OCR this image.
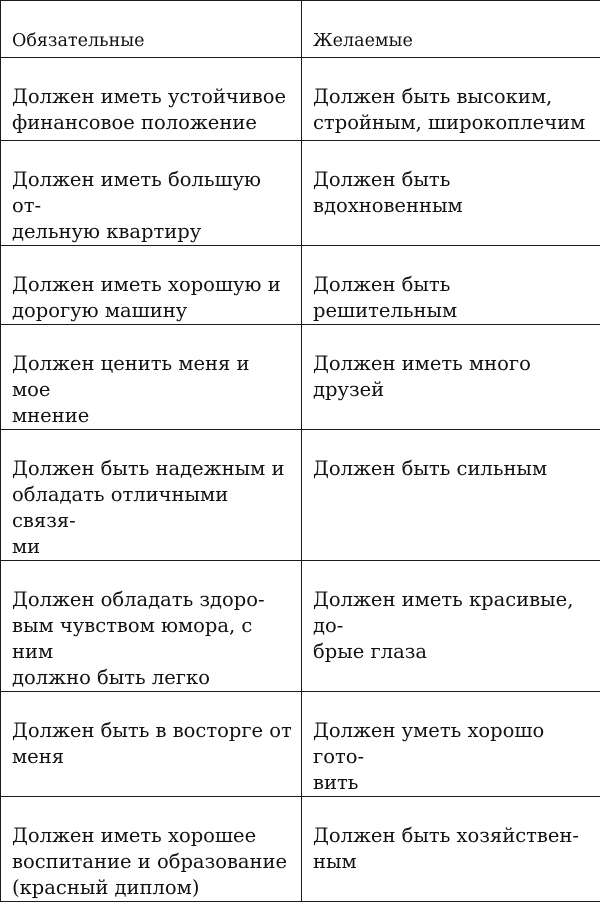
Обязательные	Желаемые

Должен иметь устойчивое
финансовое положение	Должен быть высоким,
стройным, широкоплечим

Должен иметь большую от-
дельную квартиру	Должен быть вдохновенным

Должен иметь хорошую и
дорогую машину	Должен быть решительным

Должен ценить меня и мое
мнение	Должен иметь много друзей

Должен быть надежным и
обладать отличными связя-
ми	Должен быть сильным

Должен обладать здоро-
вым чувством юмора, с ним
должно быть легко	Должен иметь красивые, до-
брые глаза

Должен быть в восторге от
меня	Должен уметь хорошо гото-
вить

Должен иметь хорошее
воспитание и образование
(красный диплом)	Должен быть хозяйствен-
ным
